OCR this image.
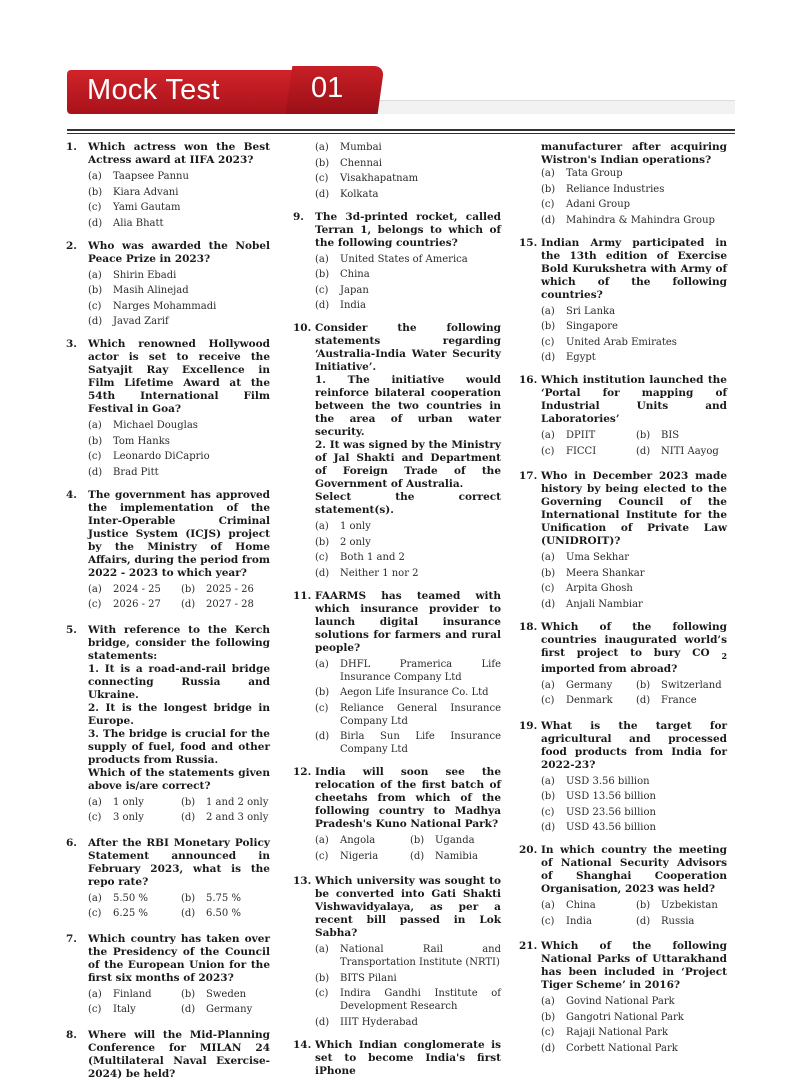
Mock Test	01
1.	Which actress won the Best Actress award at IIFA 2023?
(a)	Taapsee Pannu
(b)	Kiara Advani
(c)	Yami Gautam
(d)	Alia Bhatt
2.	Who was awarded the Nobel Peace Prize in 2023?
(a)	Shirin Ebadi
(b)	Masih Alinejad
(c)	Narges Mohammadi
(d)	Javad Zarif
3.	Which renowned Hollywood actor is set to receive the Satyajit Ray Excellence in Film Lifetime Award at the 54th International Film Festival in Goa?
(a)	Michael Douglas
(b)	Tom Hanks
(c)	Leonardo DiCaprio
(d)	Brad Pitt
4.	The government has approved the implementation of the Inter-Operable Criminal Justice System (ICJS) project by the Ministry of Home Affairs, during the period from 2022 - 2023 to which year?
(a)	2024 - 25	(b)	2025 - 26
(c)	2026 - 27	(d)	2027 - 28
5.	With reference to the Kerch bridge, consider the following statements:
1. It is a road-and-rail bridge connecting Russia and Ukraine.
2. It is the longest bridge in Europe.
3. The bridge is crucial for the supply of fuel, food and other products from Russia.
Which of the statements given above is/are correct?
(a)	1 only	(b)	1 and 2 only
(c)	3 only	(d)	2 and 3 only
6.	After the RBI Monetary Policy Statement announced in February 2023, what is the repo rate?
(a)	5.50 %	(b)	5.75 %
(c)	6.25 %	(d)	6.50 %
7.	Which country has taken over the Presidency of the Council of the European Union for the first six months of 2023?
(a)	Finland	(b)	Sweden
(c)	Italy	(d)	Germany
8.	Where will the Mid-Planning Conference for MILAN 24 (Multilateral Naval Exercise- 2024) be held?
(a)	Mumbai
(b)	Chennai
(c)	Visakhapatnam
(d)	Kolkata
9.	The 3d-printed rocket, called Terran 1, belongs to which of the following countries?
(a)	United States of America
(b)	China
(c)	Japan
(d)	India
10. Consider the following statements regarding ‘Australia-India Water Security Initiative’.
1. The initiative would reinforce bilateral cooperation between the two countries in the area of urban water security.
2. It was signed by the Ministry of Jal Shakti and Department of Foreign Trade of the Government of Australia.
Select the correct statement(s).
(a)	1 only
(b)	2 only
(c)	Both 1 and 2
(d)	Neither 1 nor 2
11. FAARMS has teamed with which insurance provider to launch digital insurance solutions for farmers and rural people?
(a)	DHFL Pramerica Life Insurance Company Ltd
(b)	Aegon Life Insurance Co. Ltd
(c)	Reliance General Insurance Company Ltd
(d)	Birla Sun Life Insurance Company Ltd
12. India will soon see the relocation of the first batch of cheetahs from which of the following country to Madhya Pradesh's Kuno National Park?
(a)	Angola	(b)	Uganda
(c)	Nigeria	(d)	Namibia
13. Which university was sought to be converted into Gati Shakti Vishwavidyalaya, as per a recent bill passed in Lok Sabha?
(a)	National Rail and Transportation Institute (NRTI)
(b)	BITS Pilani
(c)	Indira Gandhi Institute of Development Research
(d)	IIIT Hyderabad
14. Which Indian conglomerate is set to become India's first iPhone
manufacturer after acquiring Wistron's Indian operations?
(a)	Tata Group
(b)	Reliance Industries
(c)	Adani Group
(d)	Mahindra & Mahindra Group
15. Indian Army participated in the 13th edition of Exercise Bold Kurukshetra with Army of which of the following countries?
(a)	Sri Lanka
(b)	Singapore
(c)	United Arab Emirates
(d)	Egypt
16. Which institution launched the ‘Portal for mapping of Industrial Units and Laboratories’
(a)	DPIIT	(b)	BIS
(c)	FICCI	(d)	NITI Aayog
17. Who in December 2023 made history by being elected to the Governing Council of the International Institute for the Unification of Private Law (UNIDROIT)?
(a)	Uma Sekhar
(b)	Meera Shankar
(c)	Arpita Ghosh
(d)	Anjali Nambiar
18. Which of the following countries inaugurated world’s first project to bury CO $_2$ imported from abroad?
(a)	Germany	(b)	Switzerland
(c)	Denmark	(d)	France
19. What is the target for agricultural and processed food products from India for 2022-23?
(a)	USD 3.56 billion
(b)	USD 13.56 billion
(c)	USD 23.56 billion
(d)	USD 43.56 billion
20. In which country the meeting of National Security Advisors of Shanghai Cooperation Organisation, 2023 was held?
(a)	China	(b)	Uzbekistan
(c)	India	(d)	Russia
21. Which of the following National Parks of Uttarakhand has been included in ‘Project Tiger Scheme’ in 2016?
(a)	Govind National Park
(b)	Gangotri National Park
(c)	Rajaji National Park
(d)	Corbett National Park
